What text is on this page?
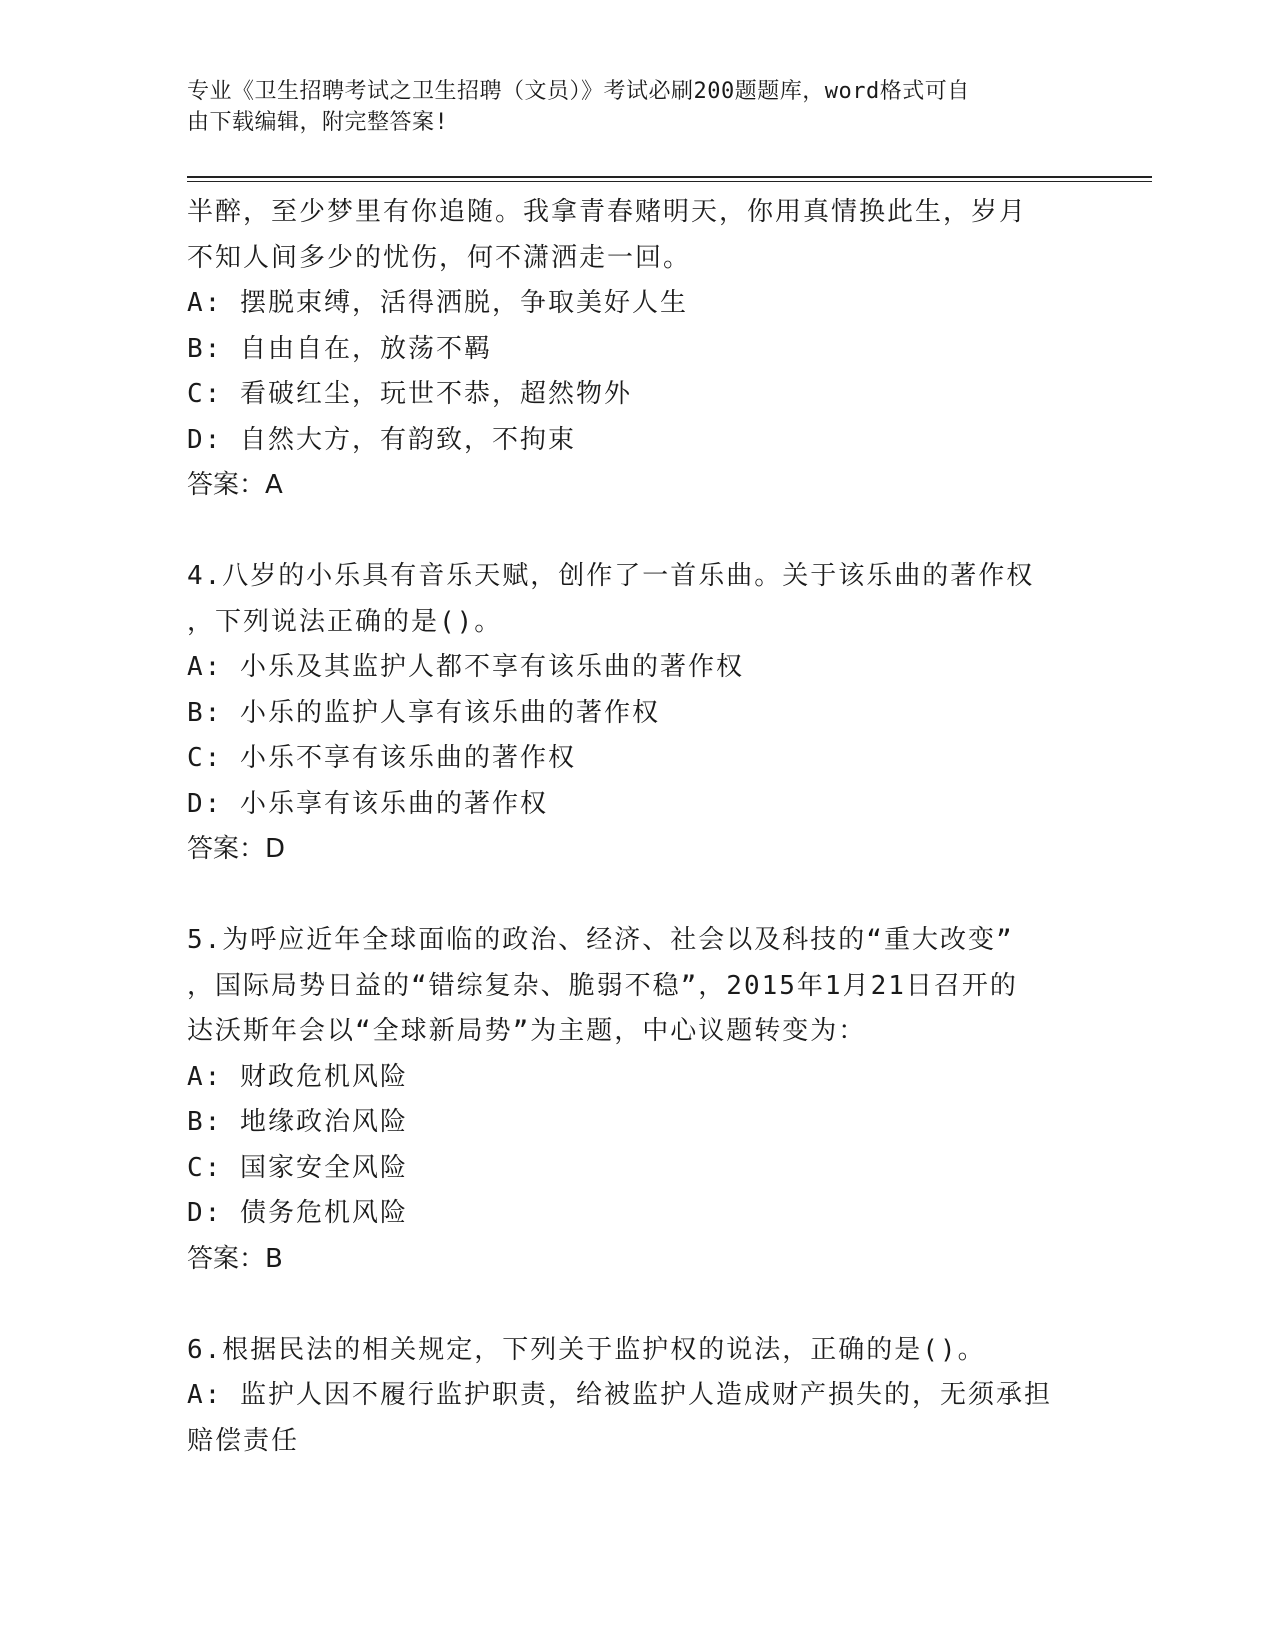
专业《卫生招聘考试之卫生招聘（文员）》考试必刷200题题库，word格式可自
由下载编辑，附完整答案!
半醉，至少梦里有你追随。我拿青春赌明天，你用真情换此生，岁月
不知人间多少的忧伤，何不潇洒走一回。
A: 摆脱束缚，活得洒脱，争取美好人生
B: 自由自在，放荡不羁
C: 看破红尘，玩世不恭，超然物外
D: 自然大方，有韵致，不拘束
答案：A
4.八岁的小乐具有音乐天赋，创作了一首乐曲。关于该乐曲的著作权
，下列说法正确的是()。
A: 小乐及其监护人都不享有该乐曲的著作权
B: 小乐的监护人享有该乐曲的著作权
C: 小乐不享有该乐曲的著作权
D: 小乐享有该乐曲的著作权
答案：D
5.为呼应近年全球面临的政治、经济、社会以及科技的“重大改变”
，国际局势日益的“错综复杂、脆弱不稳”，2015年1月21日召开的
达沃斯年会以“全球新局势”为主题，中心议题转变为：
A: 财政危机风险
B: 地缘政治风险
C: 国家安全风险
D: 债务危机风险
答案：B
6.根据民法的相关规定，下列关于监护权的说法，正确的是()。
A: 监护人因不履行监护职责，给被监护人造成财产损失的，无须承担
赔偿责任
